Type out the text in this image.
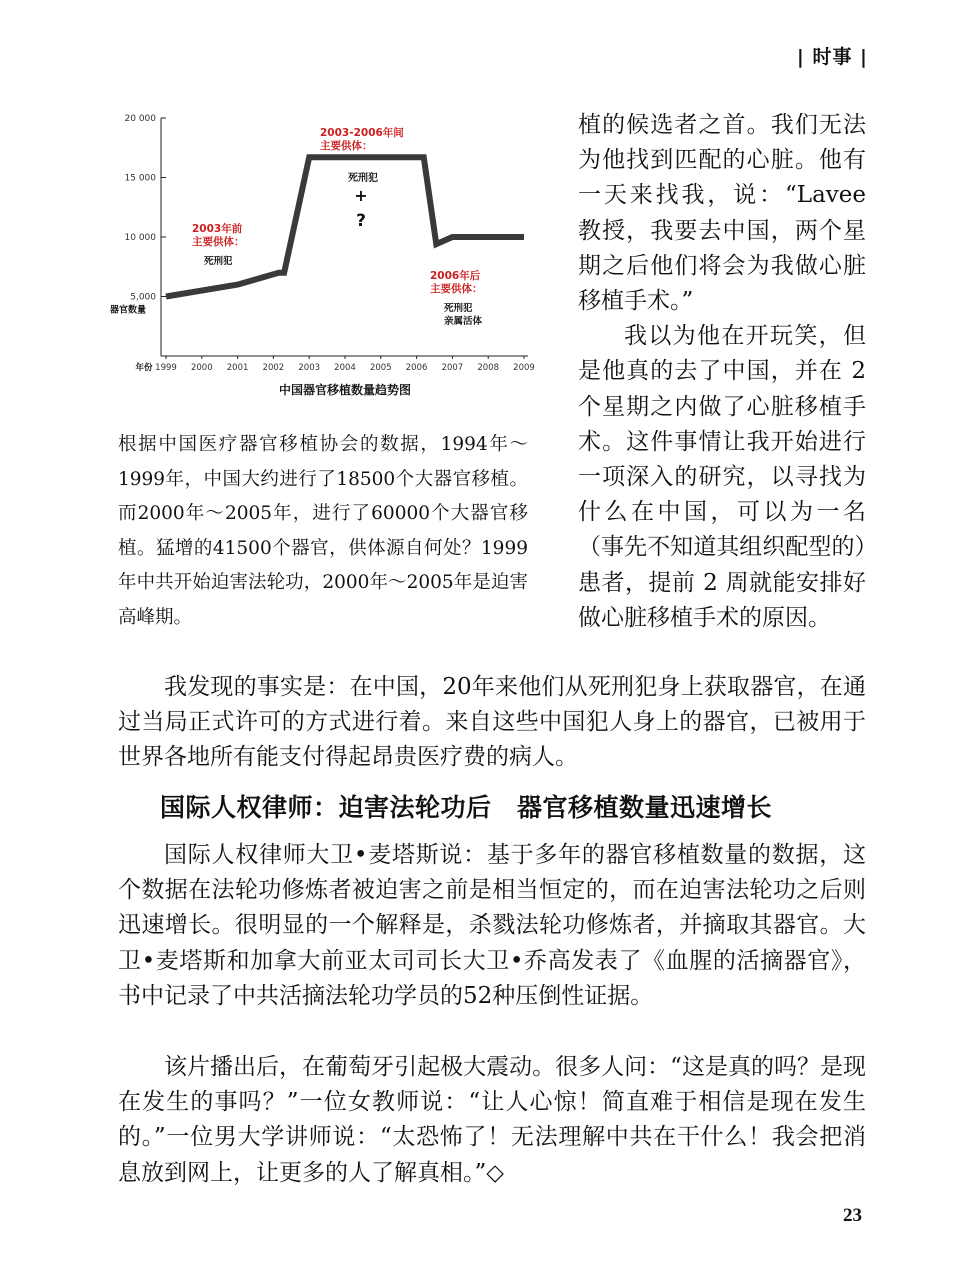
| 时事 |
5,000
10 000
15 000
20 000
器官数量
1999 2000 2001 2002 2003 2004 2005 2006 2007 2008 2009
年份
中国器官移植数量趋势图
2003-2006年间
主要供体：
死刑犯
+
?
2003年前
主要供体：
死刑犯
2006年后
主要供体：
死刑犯
亲属活体

根据中国医疗器官移植协会的数据，1994年～1999年，中国大约进行了18500个大器官移植。而2000年～2005年，进行了60000个大器官移植。猛增的41500个器官，供体源自何处？1999年中共开始迫害法轮功，2000年～2005年是迫害高峰期。

植的候选者之首。我们无法为他找到匹配的心脏。他有一天来找我，说：“Lavee 教授，我要去中国，两个星期之后他们将会为我做心脏移植手术。”

我以为他在开玩笑，但是他真的去了中国，并在 2 个星期之内做了心脏移植手术。这件事情让我开始进行一项深入的研究，以寻找为什么在中国，可以为一名（事先不知道其组织配型的）患者，提前 2 周就能安排好做心脏移植手术的原因。

我发现的事实是：在中国，20年来他们从死刑犯身上获取器官，在通过当局正式许可的方式进行着。来自这些中国犯人身上的器官，已被用于世界各地所有能支付得起昂贵医疗费的病人。

国际人权律师：迫害法轮功后　器官移植数量迅速增长

国际人权律师大卫•麦塔斯说：基于多年的器官移植数量的数据，这个数据在法轮功修炼者被迫害之前是相当恒定的，而在迫害法轮功之后则迅速增长。很明显的一个解释是，杀戮法轮功修炼者，并摘取其器官。大卫•麦塔斯和加拿大前亚太司司长大卫•乔高发表了《血腥的活摘器官》，书中记录了中共活摘法轮功学员的52种压倒性证据。

该片播出后，在葡萄牙引起极大震动。很多人问：“这是真的吗？是现在发生的事吗？”一位女教师说：“让人心惊！简直难于相信是现在发生的。”一位男大学讲师说：“太恐怖了！无法理解中共在干什么！我会把消息放到网上，让更多的人了解真相。”◇

23
